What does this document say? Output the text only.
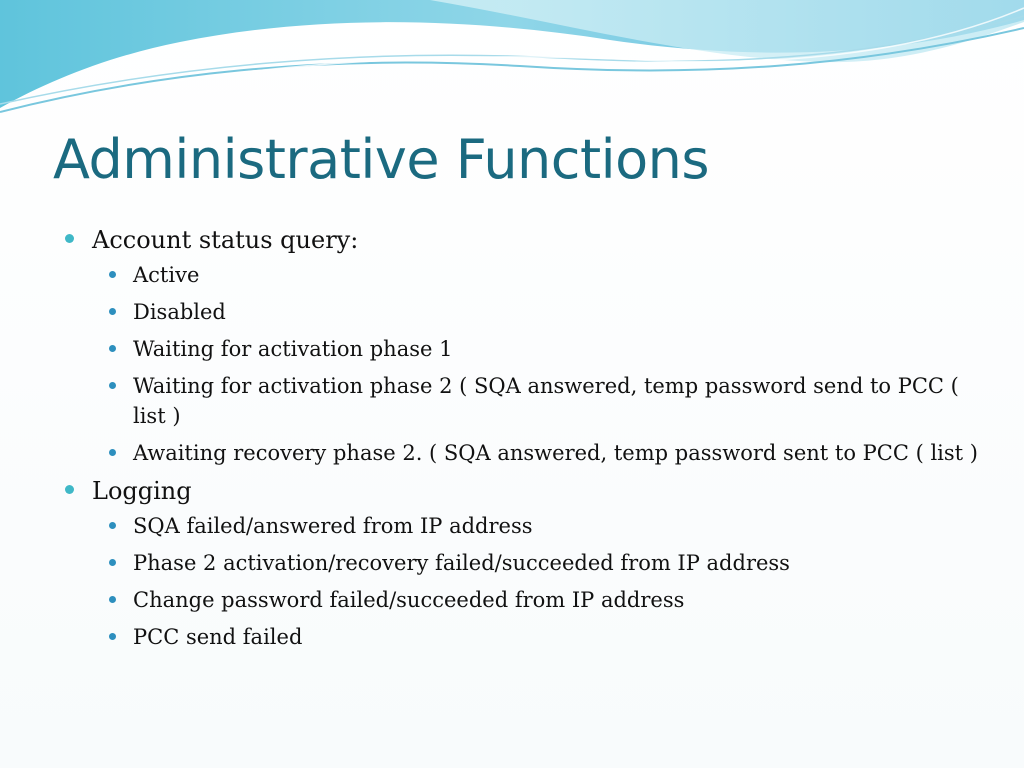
Administrative Functions
Account status query:
Active
Disabled
Waiting for activation phase 1
Waiting for activation phase 2 ( SQA answered, temp password send to PCC ( list )
Awaiting recovery phase 2. ( SQA answered, temp password sent to PCC ( list )
Logging
SQA failed/answered from IP address
Phase 2 activation/recovery failed/succeeded from IP address
Change password failed/succeeded from IP address
PCC send failed
